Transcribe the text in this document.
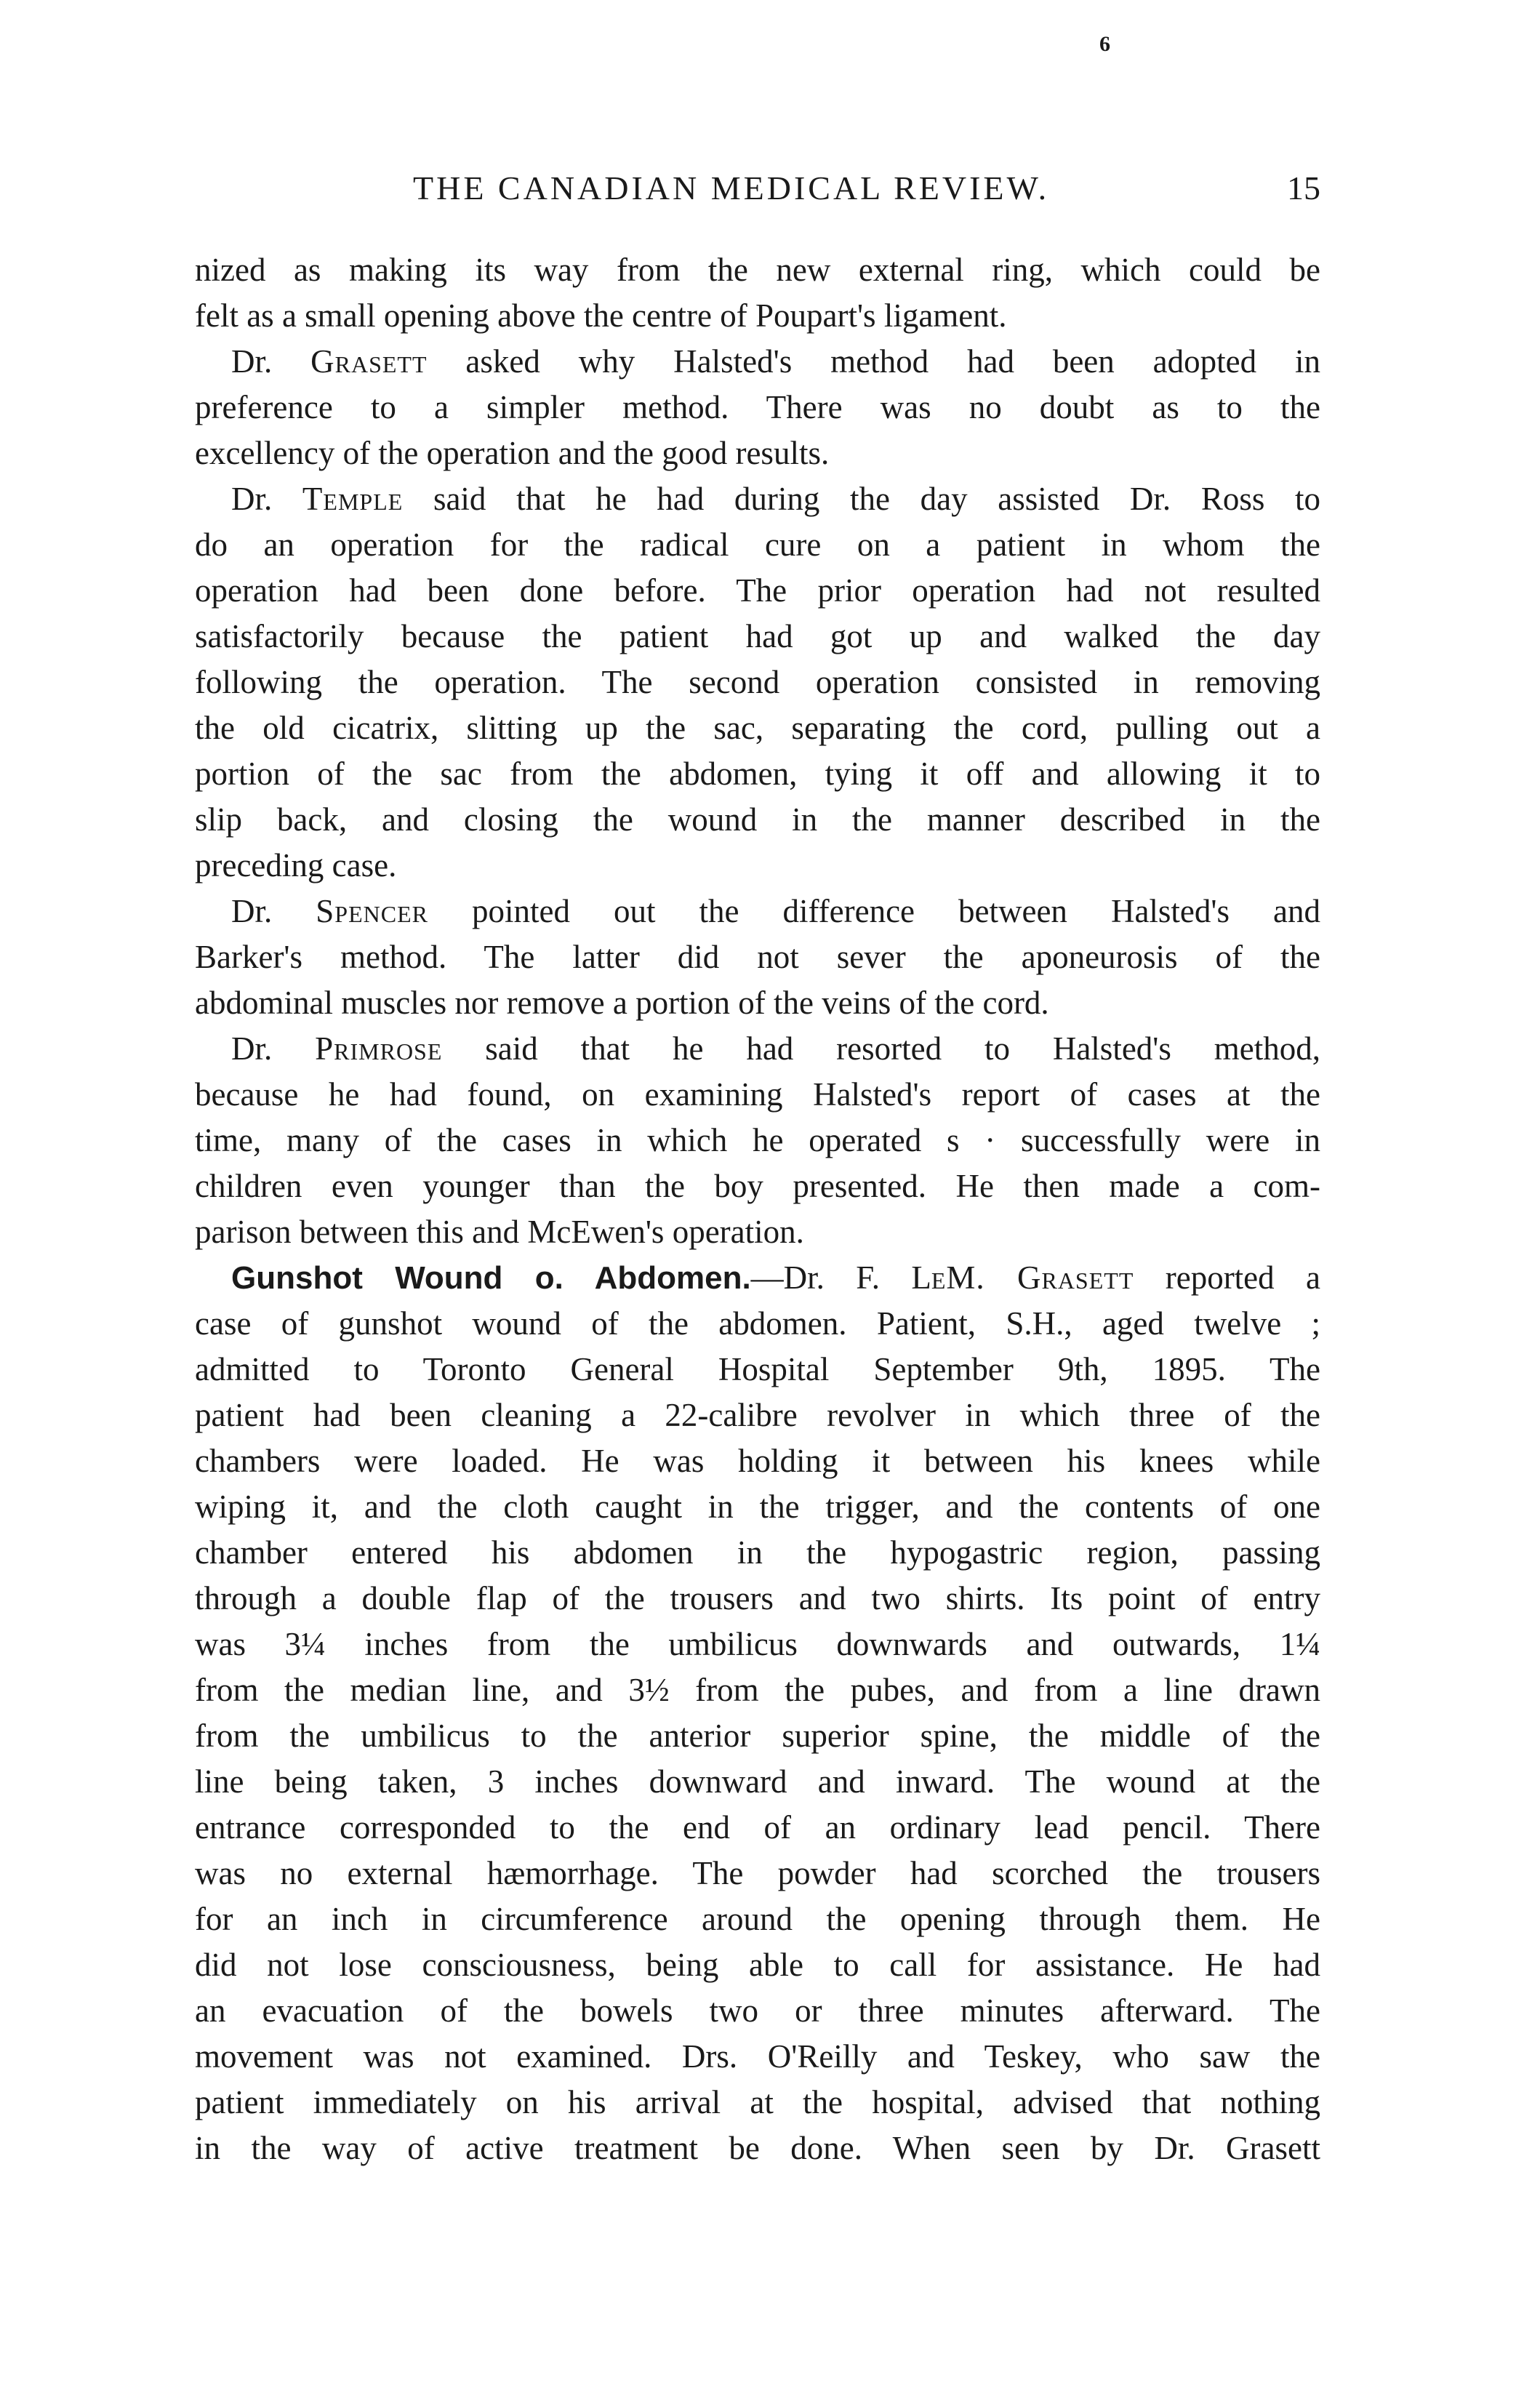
6
THE CANADIAN MEDICAL REVIEW.	15
nized as making its way from the new external ring, which could be
felt as a small opening above the centre of Poupart's ligament.
Dr. Grasett asked why Halsted's method had been adopted in
preference to a simpler method. There was no doubt as to the
excellency of the operation and the good results.
Dr. Temple said that he had during the day assisted Dr. Ross to
do an operation for the radical cure on a patient in whom the
operation had been done before. The prior operation had not resulted
satisfactorily because the patient had got up and walked the day
following the operation. The second operation consisted in removing
the old cicatrix, slitting up the sac, separating the cord, pulling out a
portion of the sac from the abdomen, tying it off and allowing it to
slip back, and closing the wound in the manner described in the
preceding case.
Dr. Spencer pointed out the difference between Halsted's and
Barker's method. The latter did not sever the aponeurosis of the
abdominal muscles nor remove a portion of the veins of the cord.
Dr. Primrose said that he had resorted to Halsted's method,
because he had found, on examining Halsted's report of cases at the
time, many of the cases in which he operated s · successfully were in
children even younger than the boy presented. He then made a com-
parison between this and McEwen's operation.
Gunshot Wound o. Abdomen.—Dr. F. LeM. Grasett reported a
case of gunshot wound of the abdomen. Patient, S.H., aged twelve ;
admitted to Toronto General Hospital September 9th, 1895. The
patient had been cleaning a 22-calibre revolver in which three of the
chambers were loaded. He was holding it between his knees while
wiping it, and the cloth caught in the trigger, and the contents of one
chamber entered his abdomen in the hypogastric region, passing
through a double flap of the trousers and two shirts. Its point of entry
was 3¼ inches from the umbilicus downwards and outwards, 1¼
from the median line, and 3½ from the pubes, and from a line drawn
from the umbilicus to the anterior superior spine, the middle of the
line being taken, 3 inches downward and inward. The wound at the
entrance corresponded to the end of an ordinary lead pencil. There
was no external hæmorrhage. The powder had scorched the trousers
for an inch in circumference around the opening through them. He
did not lose consciousness, being able to call for assistance. He had
an evacuation of the bowels two or three minutes afterward. The
movement was not examined. Drs. O'Reilly and Teskey, who saw the
patient immediately on his arrival at the hospital, advised that nothing
in the way of active treatment be done. When seen by Dr. Grasett
